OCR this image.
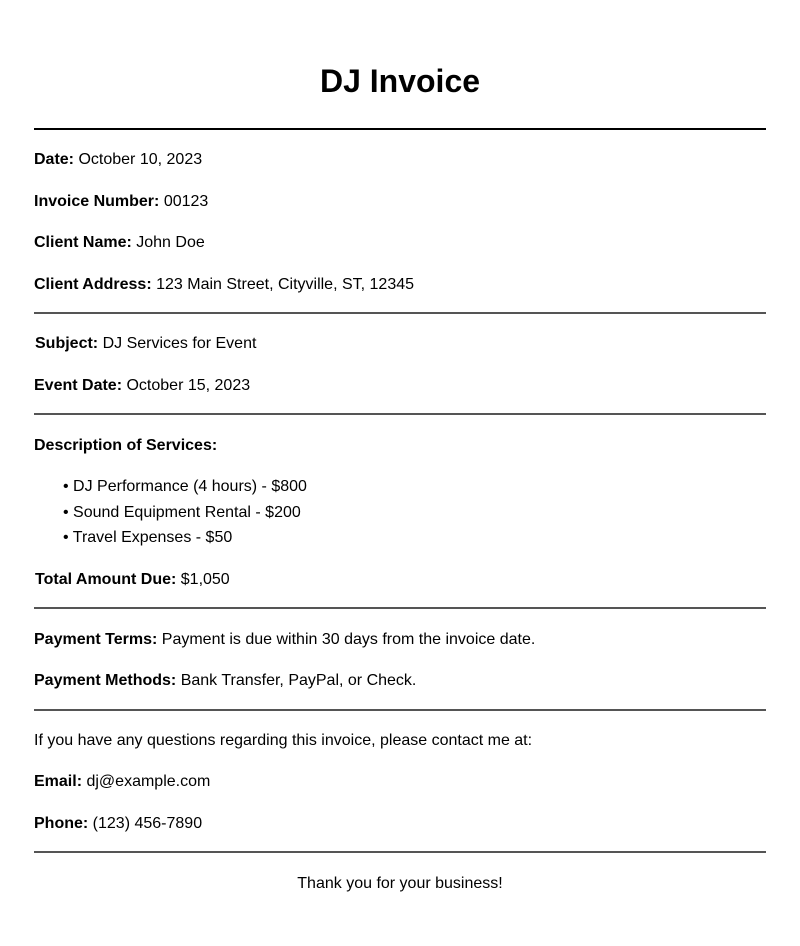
DJ Invoice
Date: October 10, 2023
Invoice Number: 00123
Client Name: John Doe
Client Address: 123 Main Street, Cityville, ST, 12345
Subject: DJ Services for Event
Event Date: October 15, 2023
Description of Services:
• DJ Performance (4 hours) - $800
• Sound Equipment Rental - $200
• Travel Expenses - $50
Total Amount Due: $1,050
Payment Terms: Payment is due within 30 days from the invoice date.
Payment Methods: Bank Transfer, PayPal, or Check.
If you have any questions regarding this invoice, please contact me at:
Email: dj@example.com
Phone: (123) 456-7890
Thank you for your business!
